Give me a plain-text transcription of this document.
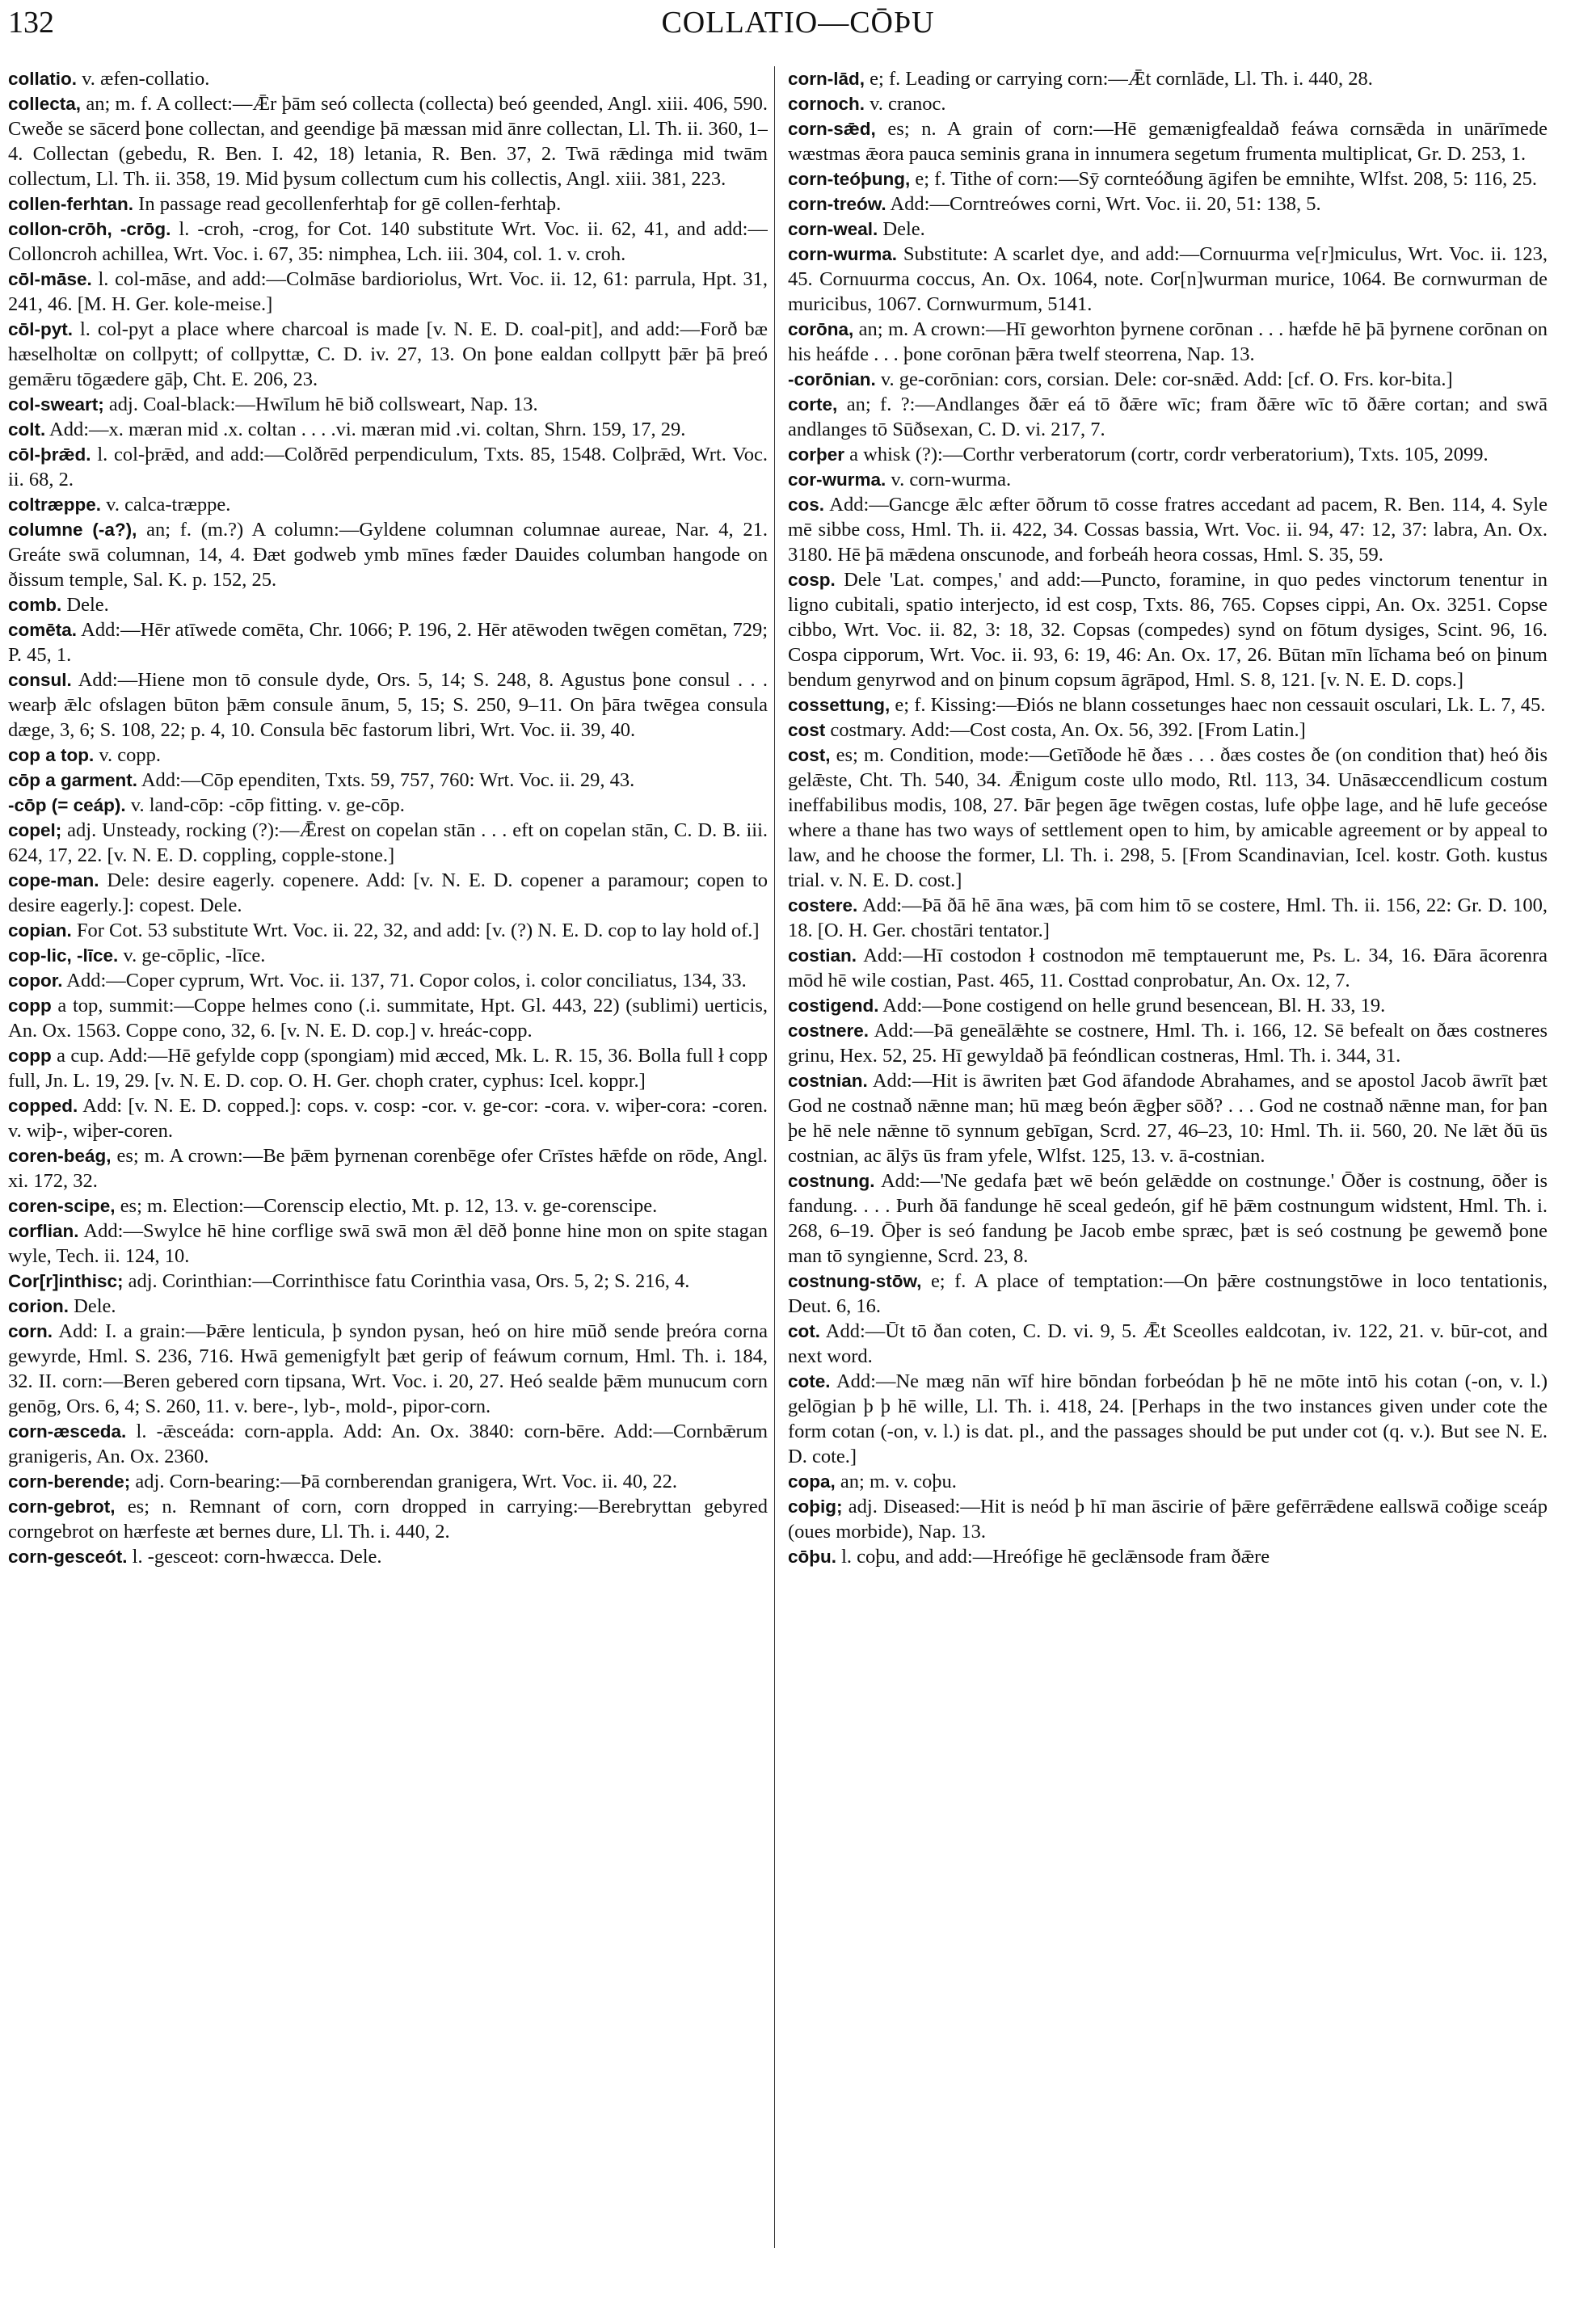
132	COLLATIO—CŌÞU

collatio. v. æfen-collatio.

collecta, an; m. f. A collect:—Ǣr þām seó collecta (collecta) beó geended, Angl. xiii. 406, 590. Cweðe se sācerd þone collectan, and geendige þā mæssan mid ānre collectan, Ll. Th. ii. 360, 1–4. Collectan (gebedu, R. Ben. I. 42, 18) letania, R. Ben. 37, 2. Twā rǣdinga mid twām collectum, Ll. Th. ii. 358, 19. Mid þysum collectum cum his collectis, Angl. xiii. 381, 223.

collen-ferhtan. In passage read gecollenferhtaþ for gē collen-ferhtaþ.

collon-crōh, -crōg. l. -croh, -crog, for Cot. 140 substitute Wrt. Voc. ii. 62, 41, and add:—Colloncroh achillea, Wrt. Voc. i. 67, 35: nimphea, Lch. iii. 304, col. 1. v. croh.

cōl-māse. l. col-māse, and add:—Colmāse bardioriolus, Wrt. Voc. ii. 12, 61: parrula, Hpt. 31, 241, 46. [M. H. Ger. kole-meise.]

cōl-pyt. l. col-pyt a place where charcoal is made [v. N. E. D. coal-pit], and add:—Forð bæ hæselholtæ on collpytt; of collpyttæ, C. D. iv. 27, 13. On þone ealdan collpytt þǣr þā þreó gemǣru tōgædere gāþ, Cht. E. 206, 23.

col-sweart; adj. Coal-black:—Hwīlum hē bið collsweart, Nap. 13.

colt. Add:—x. mæran mid .x. coltan . . . .vi. mæran mid .vi. coltan, Shrn. 159, 17, 29.

cōl-þrǣd. l. col-þrǣd, and add:—Colðrēd perpendiculum, Txts. 85, 1548. Colþrǣd, Wrt. Voc. ii. 68, 2.

coltræppe. v. calca-træppe.

columne (-a?), an; f. (m.?) A column:—Gyldene columnan columnae aureae, Nar. 4, 21. Greáte swā columnan, 14, 4. Ðæt godweb ymb mīnes fæder Dauides columban hangode on ðissum temple, Sal. K. p. 152, 25.

comb. Dele.

comēta. Add:—Hēr atīwede comēta, Chr. 1066; P. 196, 2. Hēr atēwoden twēgen comētan, 729; P. 45, 1.

consul. Add:—Hiene mon tō consule dyde, Ors. 5, 14; S. 248, 8. Agustus þone consul . . . wearþ ǣlc ofslagen būton þǣm consule ānum, 5, 15; S. 250, 9–11. On þāra twēgea consula dæge, 3, 6; S. 108, 22; p. 4, 10. Consula bēc fastorum libri, Wrt. Voc. ii. 39, 40.

cop a top. v. copp.

cōp a garment. Add:—Cōp ependiten, Txts. 59, 757, 760: Wrt. Voc. ii. 29, 43.

-cōp (= ceáp). v. land-cōp: -cōp fitting. v. ge-cōp.

copel; adj. Unsteady, rocking (?):—Ǣrest on copelan stān . . . eft on copelan stān, C. D. B. iii. 624, 17, 22. [v. N. E. D. coppling, copple-stone.]

cope-man. Dele: desire eagerly. copenere. Add: [v. N. E. D. copener a paramour; copen to desire eagerly.]: copest. Dele.

copian. For Cot. 53 substitute Wrt. Voc. ii. 22, 32, and add: [v. (?) N. E. D. cop to lay hold of.]

cop-lic, -līce. v. ge-cōplic, -līce.

copor. Add:—Coper cyprum, Wrt. Voc. ii. 137, 71. Copor colos, i. color conciliatus, 134, 33.

copp a top, summit:—Coppe helmes cono (.i. summitate, Hpt. Gl. 443, 22) (sublimi) uerticis, An. Ox. 1563. Coppe cono, 32, 6. [v. N. E. D. cop.] v. hreác-copp.

copp a cup. Add:—Hē gefylde copp (spongiam) mid æcced, Mk. L. R. 15, 36. Bolla full ł copp full, Jn. L. 19, 29. [v. N. E. D. cop. O. H. Ger. choph crater, cyphus: Icel. koppr.]

copped. Add: [v. N. E. D. copped.]: cops. v. cosp: -cor. v. ge-cor: -cora. v. wiþer-cora: -coren. v. wiþ-, wiþer-coren.

coren-beág, es; m. A crown:—Be þǣm þyrnenan corenbēge ofer Crīstes hǣfde on rōde, Angl. xi. 172, 32.

coren-scipe, es; m. Election:—Corenscip electio, Mt. p. 12, 13. v. ge-corenscipe.

corflian. Add:—Swylce hē hine corflige swā swā mon ǣl dēð þonne hine mon on spite stagan wyle, Tech. ii. 124, 10.

Cor[r]inthisc; adj. Corinthian:—Corrinthisce fatu Corinthia vasa, Ors. 5, 2; S. 216, 4.

corion. Dele.

corn. Add: I. a grain:—Þǣre lenticula, þ syndon pysan, heó on hire mūð sende þreóra corna gewyrde, Hml. S. 236, 716. Hwā gemenigfylt þæt gerip of feáwum cornum, Hml. Th. i. 184, 32. II. corn:—Beren gebered corn tipsana, Wrt. Voc. i. 20, 27. Heó sealde þǣm munucum corn genōg, Ors. 6, 4; S. 260, 11. v. bere-, lyb-, mold-, pipor-corn.

corn-æsceda. l. -ǣsceáda: corn-appla. Add: An. Ox. 3840: corn-bēre. Add:—Cornbǣrum granigeris, An. Ox. 2360.

corn-berende; adj. Corn-bearing:—Þā cornberendan granigera, Wrt. Voc. ii. 40, 22.

corn-gebrot, es; n. Remnant of corn, corn dropped in carrying:—Berebryttan gebyred corngebrot on hærfeste æt bernes dure, Ll. Th. i. 440, 2.

corn-gesceót. l. -gesceot: corn-hwæcca. Dele.

corn-lād, e; f. Leading or carrying corn:—Ǣt cornlāde, Ll. Th. i. 440, 28.

cornoch. v. cranoc.

corn-sǣd, es; n. A grain of corn:—Hē gemænigfealdað feáwa cornsǣda in unārīmede wæstmas ǣora pauca seminis grana in innumera segetum frumenta multiplicat, Gr. D. 253, 1.

corn-teóþung, e; f. Tithe of corn:—Sȳ cornteóðung āgifen be emnihte, Wlfst. 208, 5: 116, 25.

corn-treów. Add:—Corntreówes corni, Wrt. Voc. ii. 20, 51: 138, 5.

corn-weal. Dele.

corn-wurma. Substitute: A scarlet dye, and add:—Cornuurma ve[r]miculus, Wrt. Voc. ii. 123, 45. Cornuurma coccus, An. Ox. 1064, note. Cor[n]wurman murice, 1064. Be cornwurman de muricibus, 1067. Cornwurmum, 5141.

corōna, an; m. A crown:—Hī geworhton þyrnene corōnan . . . hæfde hē þā þyrnene corōnan on his heáfde . . . þone corōnan þǣra twelf steorrena, Nap. 13.

-corōnian. v. ge-corōnian: cors, corsian. Dele: cor-snǣd. Add: [cf. O. Frs. kor-bita.]

corte, an; f. ?:—Andlanges ðǣr eá tō ðǣre wīc; fram ðǣre wīc tō ðǣre cortan; and swā andlanges tō Sūðsexan, C. D. vi. 217, 7.

corþer a whisk (?):—Corthr verberatorum (cortr, cordr verberatorium), Txts. 105, 2099.

cor-wurma. v. corn-wurma.

cos. Add:—Gancge ǣlc æfter ōðrum tō cosse fratres accedant ad pacem, R. Ben. 114, 4. Syle mē sibbe coss, Hml. Th. ii. 422, 34. Cossas bassia, Wrt. Voc. ii. 94, 47: 12, 37: labra, An. Ox. 3180. Hē þā mǣdena onscunode, and forbeáh heora cossas, Hml. S. 35, 59.

cosp. Dele 'Lat. compes,' and add:—Puncto, foramine, in quo pedes vinctorum tenentur in ligno cubitali, spatio interjecto, id est cosp, Txts. 86, 765. Copses cippi, An. Ox. 3251. Copse cibbo, Wrt. Voc. ii. 82, 3: 18, 32. Copsas (compedes) synd on fōtum dysiges, Scint. 96, 16. Cospa cipporum, Wrt. Voc. ii. 93, 6: 19, 46: An. Ox. 17, 26. Būtan mīn līchama beó on þinum bendum genyrwod and on þinum copsum āgrāpod, Hml. S. 8, 121. [v. N. E. D. cops.]

cossettung, e; f. Kissing:—Ðiós ne blann cossetunges haec non cessauit osculari, Lk. L. 7, 45.

cost costmary. Add:—Cost costa, An. Ox. 56, 392. [From Latin.]

cost, es; m. Condition, mode:—Getīðode hē ðæs . . . ðæs costes ðe (on condition that) heó ðis gelǣste, Cht. Th. 540, 34. Ǣnigum coste ullo modo, Rtl. 113, 34. Unāsæccendlicum costum ineffabilibus modis, 108, 27. Þār þegen āge twēgen costas, lufe oþþe lage, and hē lufe geceóse where a thane has two ways of settlement open to him, by amicable agreement or by appeal to law, and he choose the former, Ll. Th. i. 298, 5. [From Scandinavian, Icel. kostr. Goth. kustus trial. v. N. E. D. cost.]

costere. Add:—Þā ðā hē āna wæs, þā com him tō se costere, Hml. Th. ii. 156, 22: Gr. D. 100, 18. [O. H. Ger. chostāri tentator.]

costian. Add:—Hī costodon ł costnodon mē temptauerunt me, Ps. L. 34, 16. Ðāra ācorenra mōd hē wile costian, Past. 465, 11. Costtad conprobatur, An. Ox. 12, 7.

costigend. Add:—Þone costigend on helle grund besencean, Bl. H. 33, 19.

costnere. Add:—Þā geneālǣhte se costnere, Hml. Th. i. 166, 12. Sē befealt on ðæs costneres grinu, Hex. 52, 25. Hī gewyldað þā feóndlican costneras, Hml. Th. i. 344, 31.

costnian. Add:—Hit is āwriten þæt God āfandode Abrahames, and se apostol Jacob āwrīt þæt God ne costnað nǣnne man; hū mæg beón ǣgþer sōð? . . . God ne costnað nǣnne man, for þan þe hē nele nǣnne tō synnum gebīgan, Scrd. 27, 46–23, 10: Hml. Th. ii. 560, 20. Ne lǣt ðū ūs costnian, ac ālȳs ūs fram yfele, Wlfst. 125, 13. v. ā-costnian.

costnung. Add:—'Ne gedafa þæt wē beón gelǣdde on costnunge.' Ōðer is costnung, ōðer is fandung. . . . Þurh ðā fandunge hē sceal gedeón, gif hē þǣm costnungum widstent, Hml. Th. i. 268, 6–19. Ōþer is seó fandung þe Jacob embe spræc, þæt is seó costnung þe gewemð þone man tō syngienne, Scrd. 23, 8.

costnung-stōw, e; f. A place of temptation:—On þǣre costnungstōwe in loco tentationis, Deut. 6, 16.

cot. Add:—Ūt tō ðan coten, C. D. vi. 9, 5. Ǣt Sceolles ealdcotan, iv. 122, 21. v. būr-cot, and next word.

cote. Add:—Ne mæg nān wīf hire bōndan forbeódan þ hē ne mōte intō his cotan (-on, v. l.) gelōgian þ þ hē wille, Ll. Th. i. 418, 24. [Perhaps in the two instances given under cote the form cotan (-on, v. l.) is dat. pl., and the passages should be put under cot (q. v.). But see N. E. D. cote.]

copa, an; m. v. coþu.

coþig; adj. Diseased:—Hit is neód þ hī man āscirie of þǣre gefērrǣdene eallswā coðige sceáp (oues morbide), Nap. 13.

cōþu. l. coþu, and add:—Hreófige hē geclǣnsode fram ðǣre
